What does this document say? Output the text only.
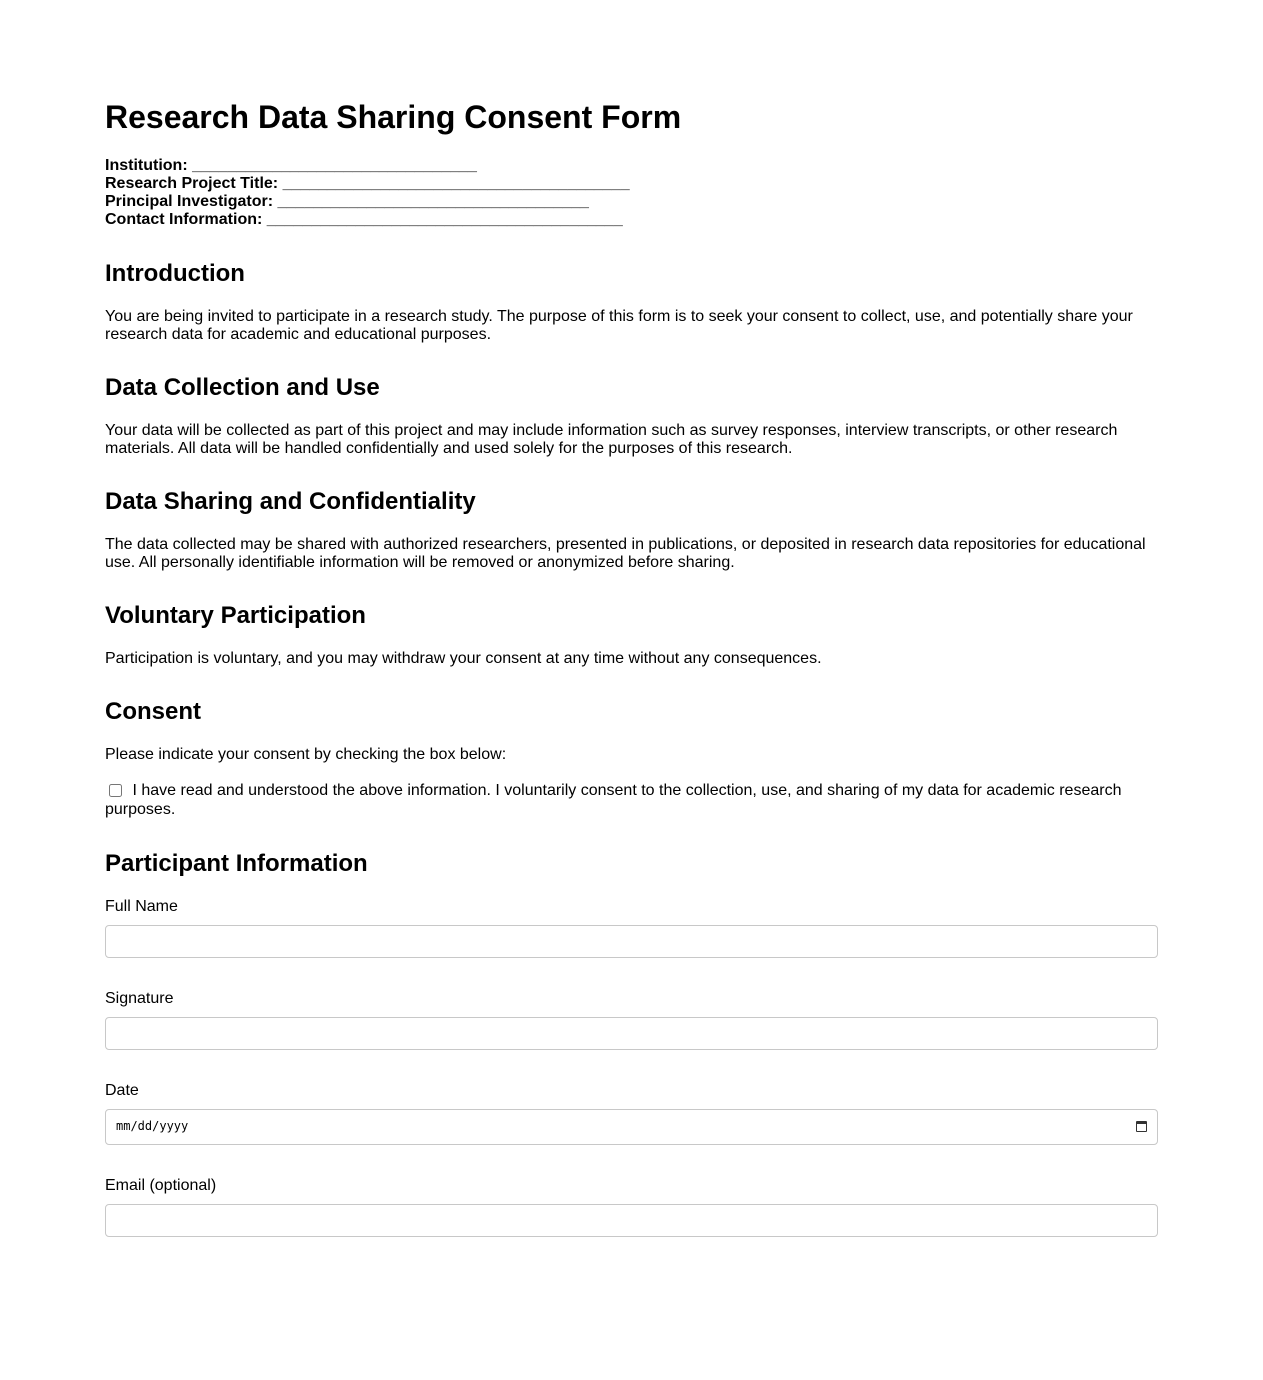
Research Data Sharing Consent Form
Institution: ________________________________
Research Project Title: _______________________________________
Principal Investigator: ___________________________________
Contact Information: ________________________________________
Introduction

You are being invited to participate in a research study. The purpose of this form is to seek your consent to collect, use, and potentially share your research data for academic and educational purposes.

Data Collection and Use

Your data will be collected as part of this project and may include information such as survey responses, interview transcripts, or other research materials. All data will be handled confidentially and used solely for the purposes of this research.

Data Sharing and Confidentiality

The data collected may be shared with authorized researchers, presented in publications, or deposited in research data repositories for educational use. All personally identifiable information will be removed or anonymized before sharing.

Voluntary Participation

Participation is voluntary, and you may withdraw your consent at any time without any consequences.

Consent

Please indicate your consent by checking the box below:

I have read and understood the above information. I voluntarily consent to the collection, use, and sharing of my data for academic research purposes.
Participant Information
Full Name
Signature
Date
mm/dd/yyyy
Email (optional)
